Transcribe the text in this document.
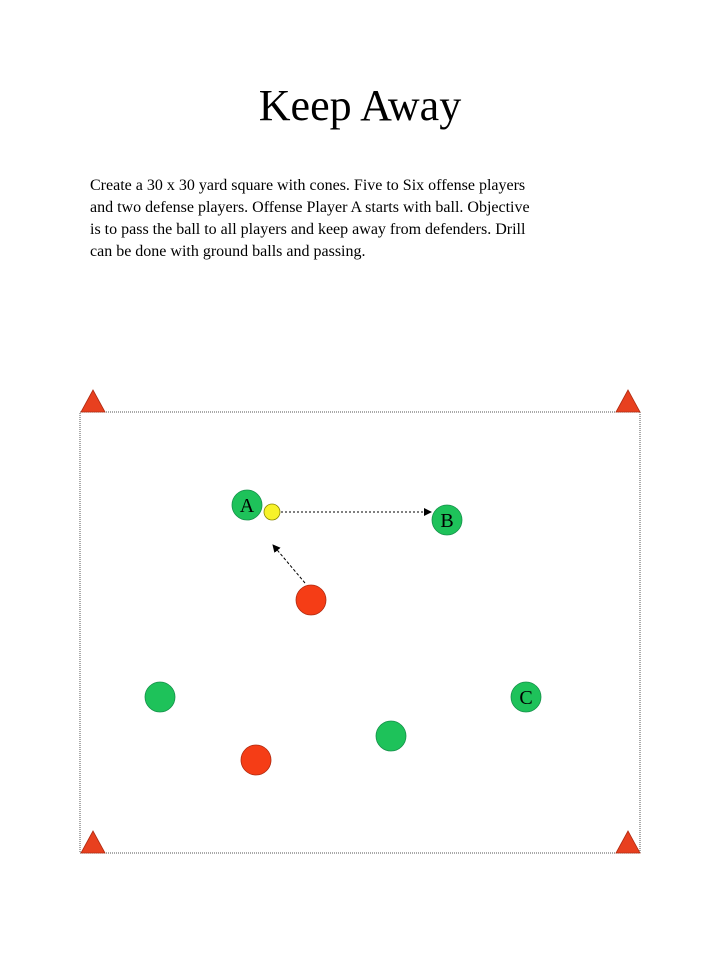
Keep Away
Create a 30 x 30 yard square with cones. Five to Six offense players
and two defense players. Offense Player A starts with ball. Objective
is to pass the ball to all players and keep away from defenders. Drill
can be done with ground balls and passing.
A
B
C
